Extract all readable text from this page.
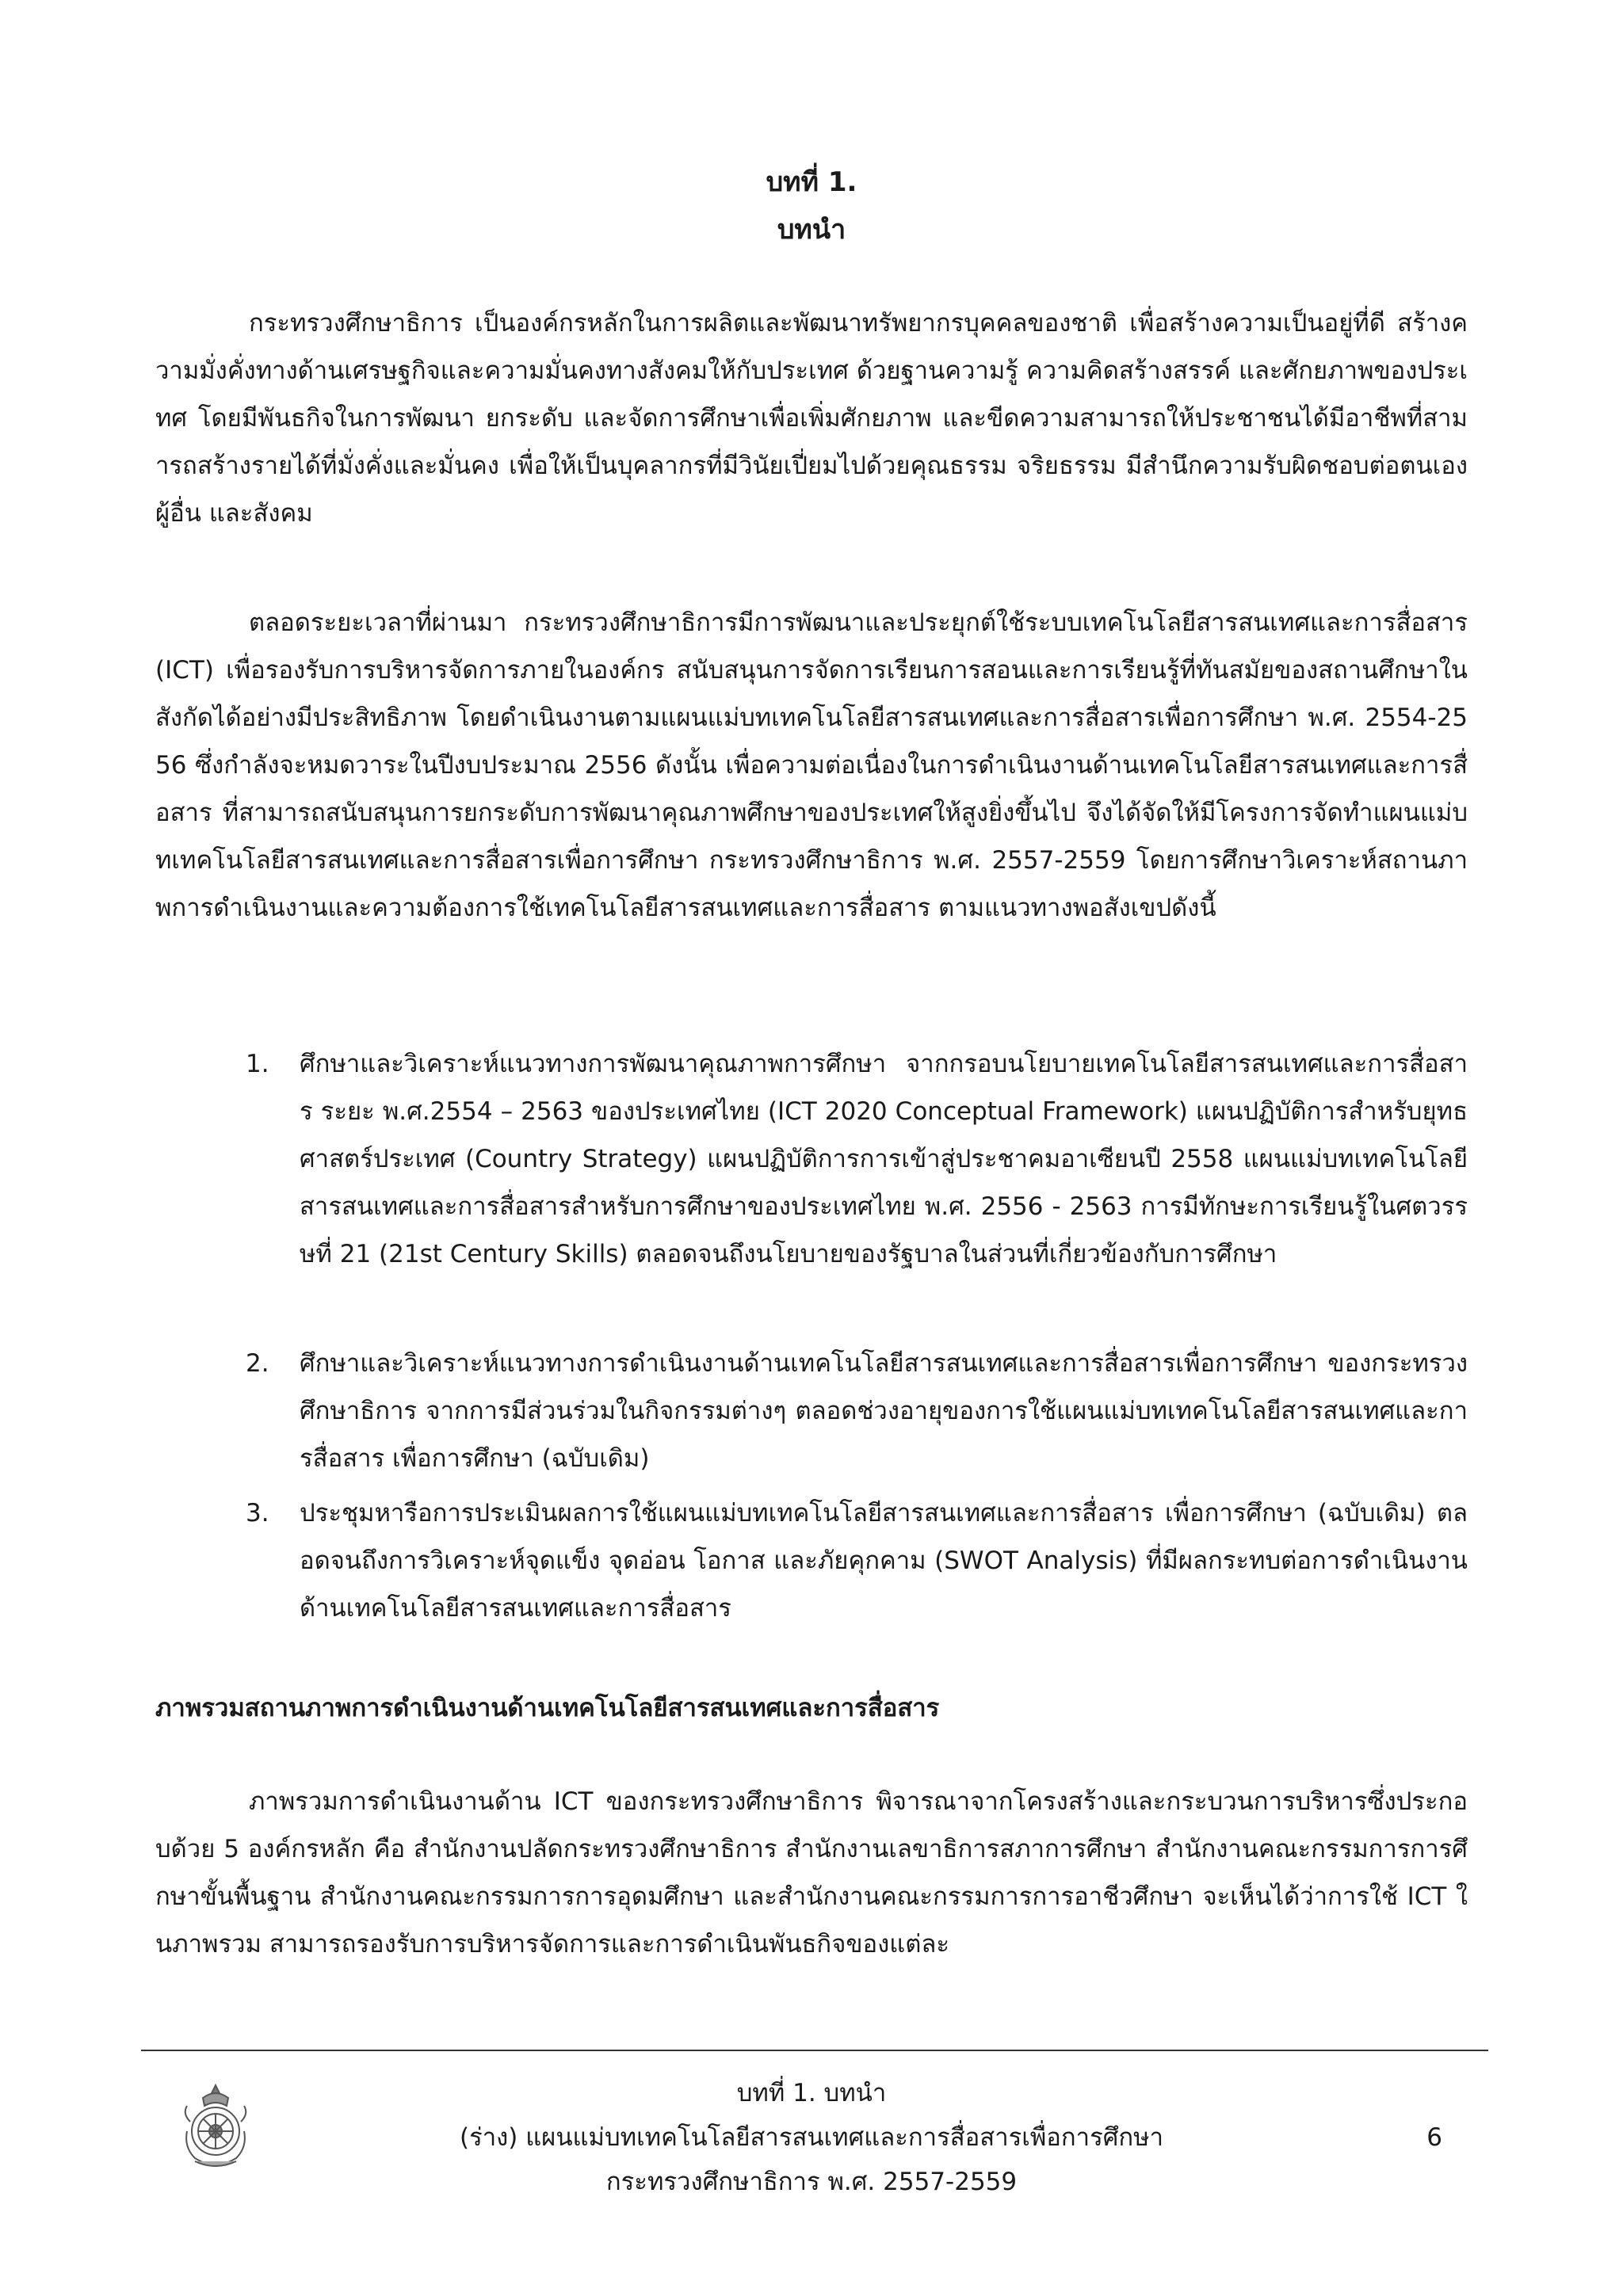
บทที่ 1.

บทนำ

กระทรวงศึกษาธิการ เป็นองค์กรหลักในการผลิตและพัฒนาทรัพยากรบุคคลของชาติ เพื่อสร้างความเป็นอยู่ที่ดี สร้างความมั่งคั่งทางด้านเศรษฐกิจและความมั่นคงทางสังคมให้กับประเทศ ด้วยฐานความรู้ ความคิดสร้างสรรค์ และศักยภาพของประเทศ โดยมีพันธกิจในการพัฒนา ยกระดับ และจัดการศึกษาเพื่อเพิ่มศักยภาพ และขีดความสามารถให้ประชาชนได้มีอาชีพที่สามารถสร้างรายได้ที่มั่งคั่งและมั่นคง เพื่อให้เป็นบุคลากรที่มีวินัยเปี่ยมไปด้วยคุณธรรม จริยธรรม มีสำนึกความรับผิดชอบต่อตนเอง ผู้อื่น และสังคม

ตลอดระยะเวลาที่ผ่านมา กระทรวงศึกษาธิการมีการพัฒนาและประยุกต์ใช้ระบบเทคโนโลยีสารสนเทศและการสื่อสาร (ICT) เพื่อรองรับการบริหารจัดการภายในองค์กร สนับสนุนการจัดการเรียนการสอนและการเรียนรู้ที่ทันสมัยของสถานศึกษาในสังกัดได้อย่างมีประสิทธิภาพ โดยดำเนินงานตามแผนแม่บทเทคโนโลยีสารสนเทศและการสื่อสารเพื่อการศึกษา พ.ศ. 2554-2556 ซึ่งกำลังจะหมดวาระในปีงบประมาณ 2556 ดังนั้น เพื่อความต่อเนื่องในการดำเนินงานด้านเทคโนโลยีสารสนเทศและการสื่อสาร ที่สามารถสนับสนุนการยกระดับการพัฒนาคุณภาพศึกษาของประเทศให้สูงยิ่งขึ้นไป จึงได้จัดให้มีโครงการจัดทำแผนแม่บทเทคโนโลยีสารสนเทศและการสื่อสารเพื่อการศึกษา กระทรวงศึกษาธิการ พ.ศ. 2557-2559 โดยการศึกษาวิเคราะห์สถานภาพการดำเนินงานและความต้องการใช้เทคโนโลยีสารสนเทศและการสื่อสาร ตามแนวทางพอสังเขปดังนี้

1.	ศึกษาและวิเคราะห์แนวทางการพัฒนาคุณภาพการศึกษา จากกรอบนโยบายเทคโนโลยีสารสนเทศและการสื่อสาร ระยะ พ.ศ.2554 – 2563 ของประเทศไทย (ICT 2020 Conceptual Framework) แผนปฏิบัติการสำหรับยุทธศาสตร์ประเทศ (Country Strategy) แผนปฏิบัติการการเข้าสู่ประชาคมอาเซียนปี 2558 แผนแม่บทเทคโนโลยีสารสนเทศและการสื่อสารสำหรับการศึกษาของประเทศไทย พ.ศ. 2556 - 2563 การมีทักษะการเรียนรู้ในศตวรรษที่ 21 (21st Century Skills) ตลอดจนถึงนโยบายของรัฐบาลในส่วนที่เกี่ยวข้องกับการศึกษา
2.	ศึกษาและวิเคราะห์แนวทางการดำเนินงานด้านเทคโนโลยีสารสนเทศและการสื่อสารเพื่อการศึกษา ของกระทรวงศึกษาธิการ จากการมีส่วนร่วมในกิจกรรมต่างๆ ตลอดช่วงอายุของการใช้แผนแม่บทเทคโนโลยีสารสนเทศและการสื่อสาร เพื่อการศึกษา (ฉบับเดิม)
3.	ประชุมหารือการประเมินผลการใช้แผนแม่บทเทคโนโลยีสารสนเทศและการสื่อสาร เพื่อการศึกษา (ฉบับเดิม) ตลอดจนถึงการวิเคราะห์จุดแข็ง จุดอ่อน โอกาส และภัยคุกคาม (SWOT Analysis) ที่มีผลกระทบต่อการดำเนินงานด้านเทคโนโลยีสารสนเทศและการสื่อสาร

ภาพรวมสถานภาพการดำเนินงานด้านเทคโนโลยีสารสนเทศและการสื่อสาร

ภาพรวมการดำเนินงานด้าน ICT ของกระทรวงศึกษาธิการ พิจารณาจากโครงสร้างและกระบวนการบริหารซึ่งประกอบด้วย 5 องค์กรหลัก คือ สำนักงานปลัดกระทรวงศึกษาธิการ สำนักงานเลขาธิการสภาการศึกษา สำนักงานคณะกรรมการการศึกษาขั้นพื้นฐาน สำนักงานคณะกรรมการการอุดมศึกษา และสำนักงานคณะกรรมการการอาชีวศึกษา จะเห็นได้ว่าการใช้ ICT ในภาพรวม สามารถรองรับการบริหารจัดการและการดำเนินพันธกิจของแต่ละ

บทที่ 1. บทนำ

(ร่าง) แผนแม่บทเทคโนโลยีสารสนเทศและการสื่อสารเพื่อการศึกษา

กระทรวงศึกษาธิการ พ.ศ. 2557-2559

6
